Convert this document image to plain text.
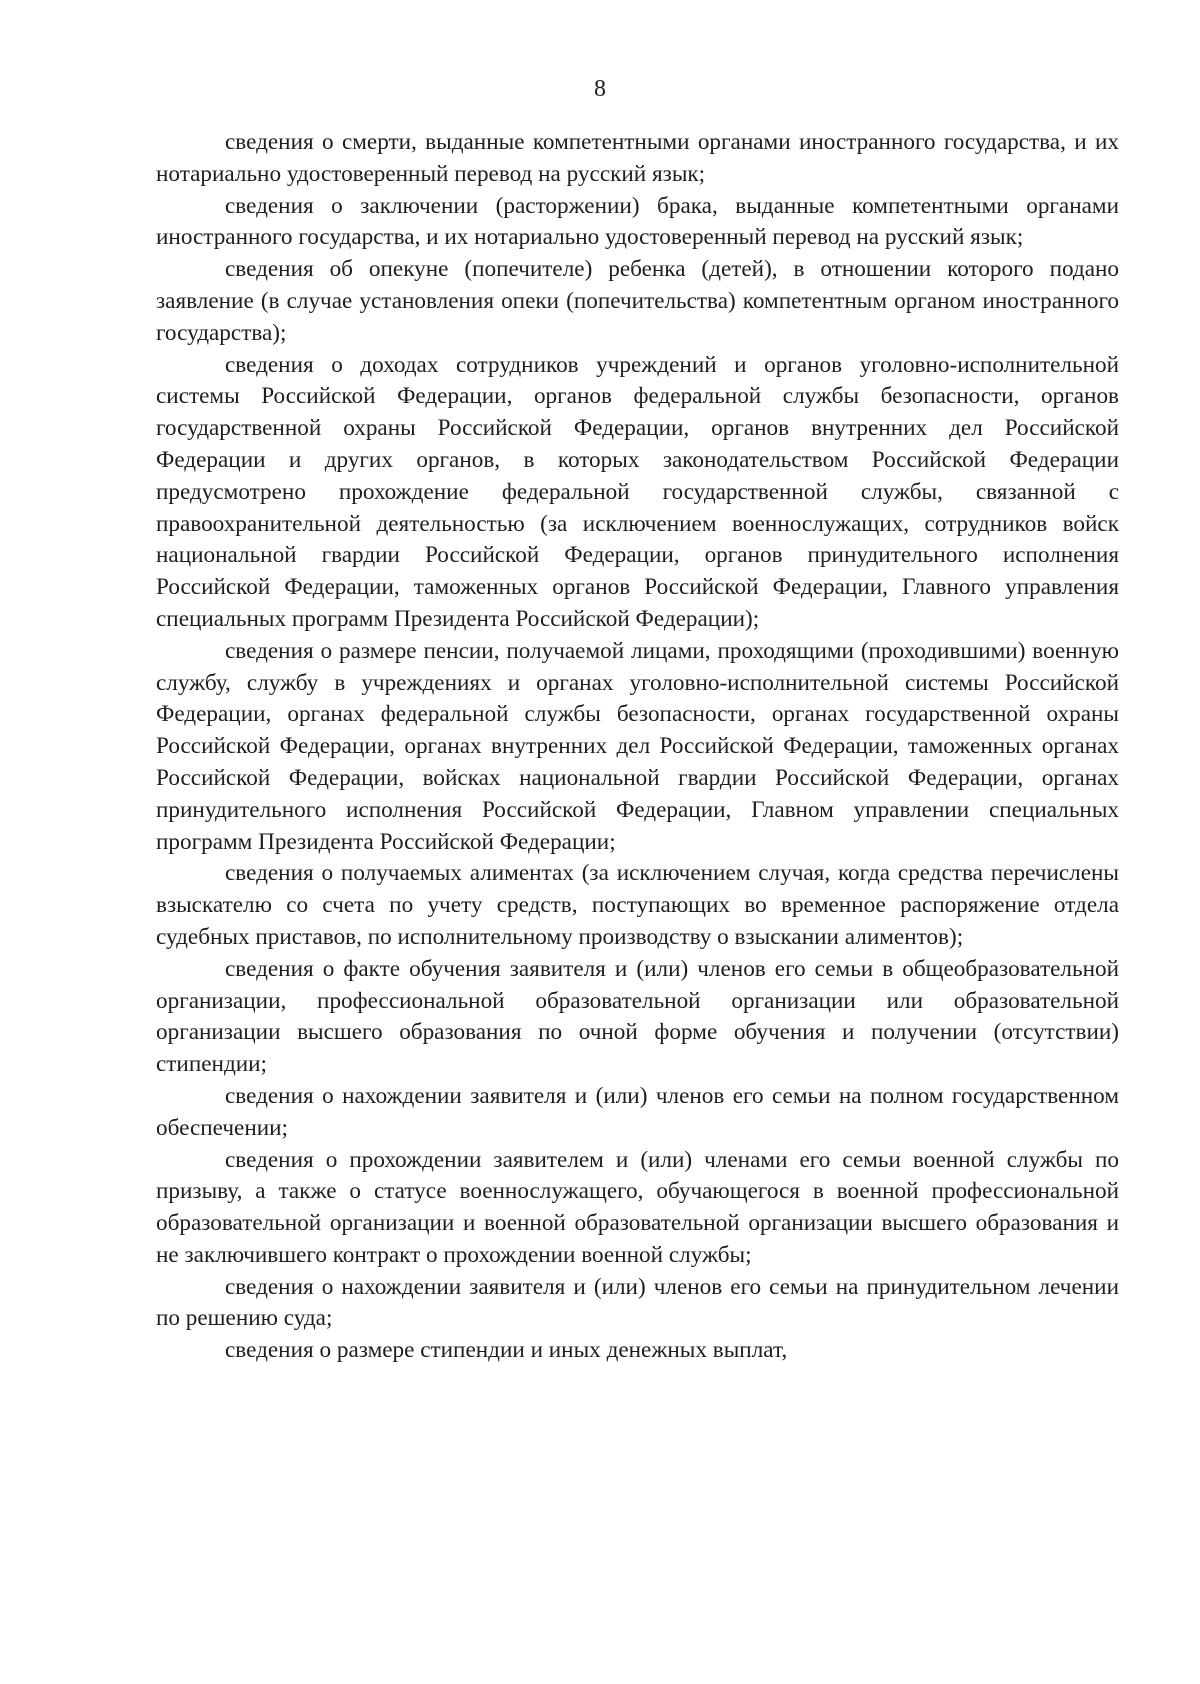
8

сведения о смерти, выданные компетентными органами иностранного государства, и их нотариально удостоверенный перевод на русский язык;

сведения о заключении (расторжении) брака, выданные компетентными органами иностранного государства, и их нотариально удостоверенный перевод на русский язык;

сведения об опекуне (попечителе) ребенка (детей), в отношении которого подано заявление (в случае установления опеки (попечительства) компетентным органом иностранного государства);

сведения о доходах сотрудников учреждений и органов уголовно-исполнительной системы Российской Федерации, органов федеральной службы безопасности, органов государственной охраны Российской Федерации, органов внутренних дел Российской Федерации и других органов, в которых законодательством Российской Федерации предусмотрено прохождение федеральной государственной службы, связанной с правоохранительной деятельностью (за исключением военнослужащих, сотрудников войск национальной гвардии Российской Федерации, органов принудительного исполнения Российской Федерации, таможенных органов Российской Федерации, Главного управления специальных программ Президента Российской Федерации);

сведения о размере пенсии, получаемой лицами, проходящими (проходившими) военную службу, службу в учреждениях и органах уголовно-исполнительной системы Российской Федерации, органах федеральной службы безопасности, органах государственной охраны Российской Федерации, органах внутренних дел Российской Федерации, таможенных органах Российской Федерации, войсках национальной гвардии Российской Федерации, органах принудительного исполнения Российской Федерации, Главном управлении специальных программ Президента Российской Федерации;

сведения о получаемых алиментах (за исключением случая, когда средства перечислены взыскателю со счета по учету средств, поступающих во временное распоряжение отдела судебных приставов, по исполнительному производству о взыскании алиментов);

сведения о факте обучения заявителя и (или) членов его семьи в общеобразовательной организации, профессиональной образовательной организации или образовательной организации высшего образования по очной форме обучения и получении (отсутствии) стипендии;

сведения о нахождении заявителя и (или) членов его семьи на полном государственном обеспечении;

сведения о прохождении заявителем и (или) членами его семьи военной службы по призыву, а также о статусе военнослужащего, обучающегося в военной профессиональной образовательной организации и военной образовательной организации высшего образования и не заключившего контракт о прохождении военной службы;

сведения о нахождении заявителя и (или) членов его семьи на принудительном лечении по решению суда;

сведения о размере стипендии и иных денежных выплат,
